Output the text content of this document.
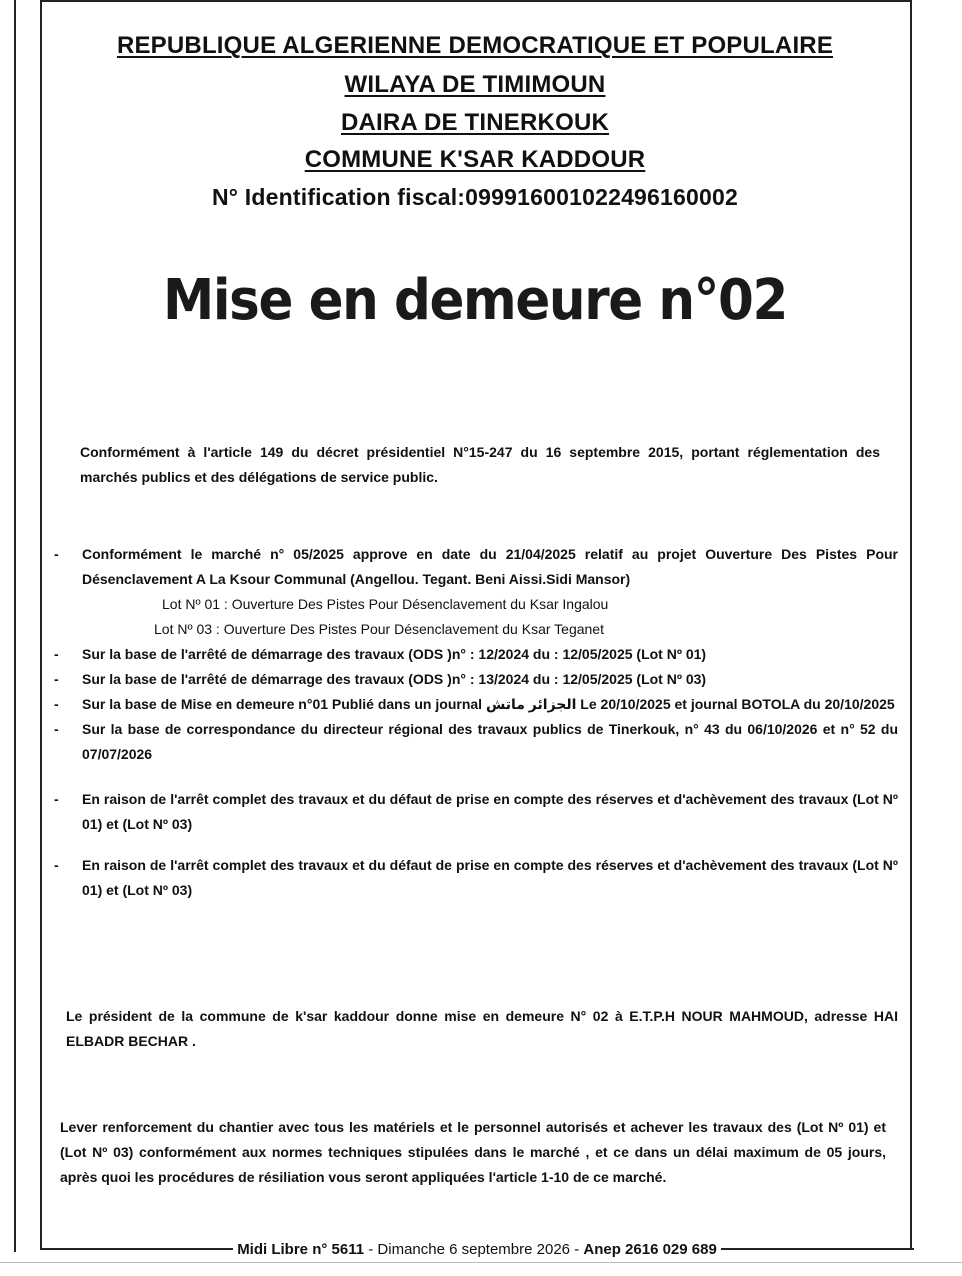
REPUBLIQUE ALGERIENNE DEMOCRATIQUE ET POPULAIRE
WILAYA DE TIMIMOUN
DAIRA DE TINERKOUK
COMMUNE K'SAR KADDOUR
N° Identification fiscal:099916001022496160002
Mise en demeure n°02
Conformément à l'article 149 du décret présidentiel N°15-247 du 16 septembre 2015, portant réglementation des marchés publics et des délégations de service public.
- Conformément le marché n° 05/2025 approve en date du 21/04/2025 relatif au projet Ouverture Des Pistes Pour Désenclavement A La Ksour Communal (Angellou. Tegant. Beni Aissi.Sidi Mansor)
Lot Nº 01 : Ouverture Des Pistes Pour Désenclavement du Ksar Ingalou
Lot Nº 03 : Ouverture Des Pistes Pour Désenclavement du Ksar Teganet
- Sur la base de l'arrêté de démarrage des travaux (ODS )n° : 12/2024 du : 12/05/2025 (Lot Nº 01)
- Sur la base de l'arrêté de démarrage des travaux (ODS )n° : 13/2024 du : 12/05/2025 (Lot Nº 03)
- Sur la base de Mise en demeure n°01 Publié dans un journal الجزائر ماتش Le 20/10/2025 et journal BOTOLA du 20/10/2025
- Sur la base de correspondance du directeur régional des travaux publics de Tinerkouk, n° 43 du 06/10/2026 et n° 52 du 07/07/2026
- En raison de l'arrêt complet des travaux et du défaut de prise en compte des réserves et d'achèvement des travaux (Lot Nº 01) et (Lot Nº 03)
- En raison de l'arrêt complet des travaux et du défaut de prise en compte des réserves et d'achèvement des travaux (Lot Nº 01) et (Lot Nº 03)
Le président de la commune de k'sar kaddour donne mise en demeure N° 02 à E.T.P.H NOUR MAHMOUD, adresse HAI ELBADR BECHAR .
Lever renforcement du chantier avec tous les matériels et le personnel autorisés et achever les travaux des (Lot Nº 01) et (Lot Nº 03) conformément aux normes techniques stipulées dans le marché , et ce dans un délai maximum de 05 jours, après quoi les procédures de résiliation vous seront appliquées l'article 1-10 de ce marché.
Midi Libre n° 5611 - Dimanche 6 septembre 2026 - Anep 2616 029 689
